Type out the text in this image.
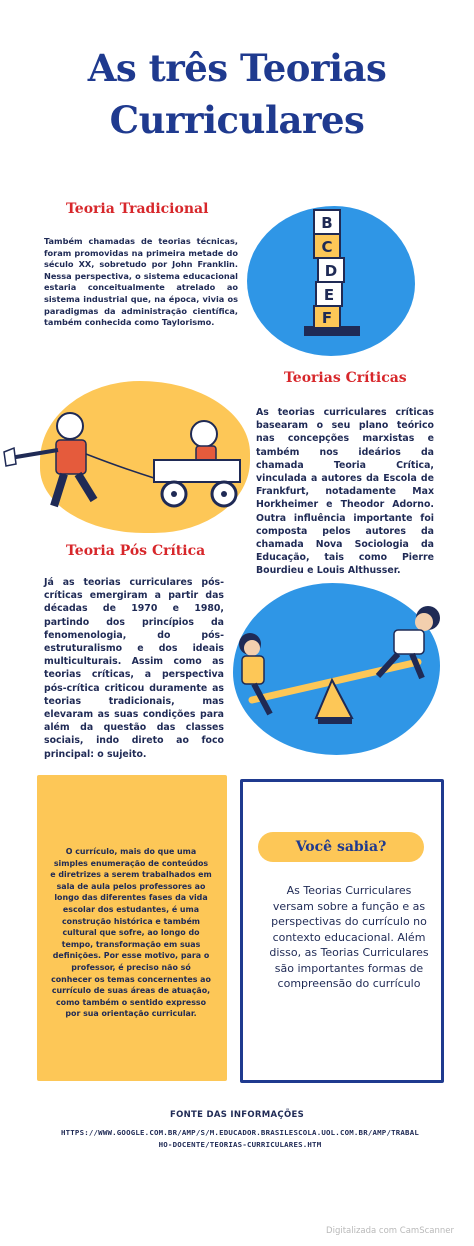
As três Teorias
Curriculares
Teoria Tradicional
Também chamadas de teorias técnicas, foram promovidas na primeira metade do século XX, sobretudo por John Franklin. Nessa perspectiva, o sistema educacional estaria conceitualmente atrelado ao sistema industrial que, na época, vivia os paradigmas da administração científica, também conhecida como Taylorismo.
B
C
D
E
F
Teorias Críticas
As teorias curriculares críticas basearam o seu plano teórico nas concepções marxistas e também nos ideários da chamada Teoria Crítica, vinculada a autores da Escola de Frankfurt, notadamente Max Horkheimer e Theodor Adorno. Outra influência importante foi composta pelos autores da chamada Nova Sociologia da Educação, tais como Pierre Bourdieu e Louis Althusser.
Teoria Pós Crítica
Já as teorias curriculares pós-críticas emergiram a partir das décadas de 1970 e 1980, partindo dos princípios da fenomenologia, do pós-estruturalismo e dos ideais multiculturais. Assim como as teorias críticas, a perspectiva pós-crítica criticou duramente as teorias tradicionais, mas elevaram as suas condições para além da questão das classes sociais, indo direto ao foco principal: o sujeito.
O currículo, mais do que uma simples enumeração de conteúdos e diretrizes a serem trabalhados em sala de aula pelos professores ao longo das diferentes fases da vida escolar dos estudantes, é uma construção histórica e também cultural que sofre, ao longo do tempo, transformação em suas definições. Por esse motivo, para o professor, é preciso não só conhecer os temas concernentes ao currículo de suas áreas de atuação, como também o sentido expresso por sua orientação curricular.
Você sabia?
As Teorias Curriculares versam sobre a função e as perspectivas do currículo no contexto educacional. Além disso, as Teorias Curriculares são importantes formas de compreensão do currículo
FONTE DAS INFORMAÇÕES
HTTPS://WWW.GOOGLE.COM.BR/AMP/S/M.EDUCADOR.BRASILESCOLA.UOL.COM.BR/AMP/TRABALHO-DOCENTE/TEORIAS-CURRICULARES.HTM
Digitalizada com CamScanner
